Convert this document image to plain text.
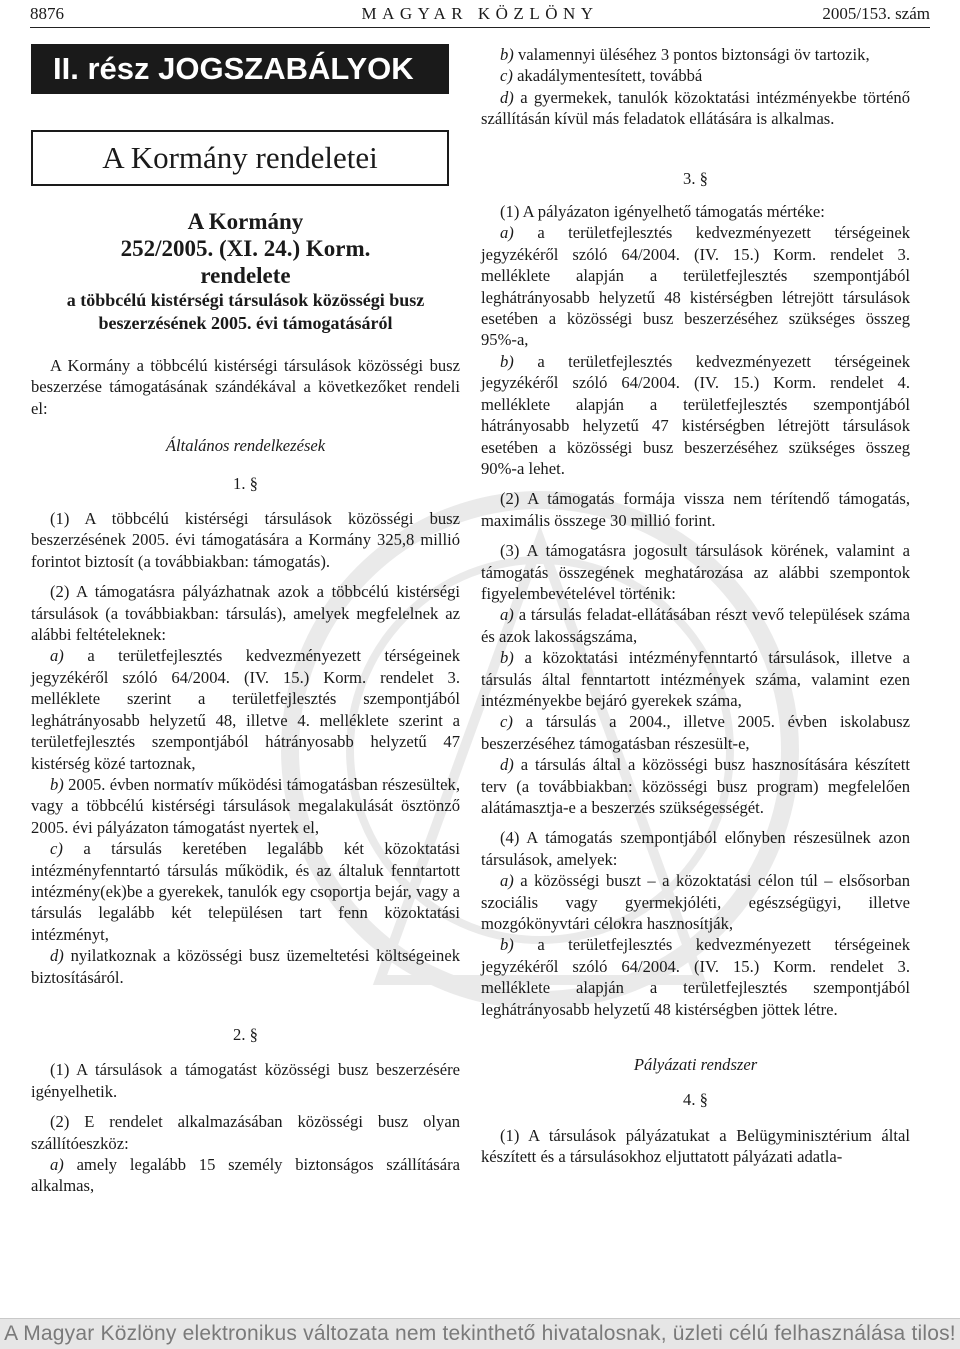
8876	MAGYAR KÖZLÖNY	2005/153. szám
II. rész JOGSZABÁLYOK
A Kormány rendeletei

A Kormány

252/2005. (XI. 24.) Korm.

rendelete

a többcélú kistérségi társulások közösségi busz

beszerzésének 2005. évi támogatásáról

A Kormány a többcélú kistérségi társulások közösségi busz beszerzése támogatásának szándékával a következőket rendeli el:

Általános rendelkezések

1. §

(1) A többcélú kistérségi társulások közösségi busz beszerzésének 2005. évi támogatására a Kormány 325,8 millió forintot biztosít (a továbbiakban: támogatás).

(2) A támogatásra pályázhatnak azok a többcélú kistérségi társulások (a továbbiakban: társulás), amelyek megfelelnek az alábbi feltételeknek:

a) a területfejlesztés kedvezményezett térségeinek jegyzékéről szóló 64/2004. (IV. 15.) Korm. rendelet 3. melléklete szerint a területfejlesztés szempontjából leghátrányosabb helyzetű 48, illetve 4. melléklete szerint a területfejlesztés szempontjából hátrányosabb helyzetű 47 kistérség közé tartoznak,

b) 2005. évben normatív működési támogatásban részesültek, vagy a többcélú kistérségi társulások megalakulását ösztönző 2005. évi pályázaton támogatást nyertek el,

c) a társulás keretében legalább két közoktatási intézményfenntartó társulás működik, és az általuk fenntartott intézmény(ek)be a gyerekek, tanulók egy csoportja bejár, vagy a társulás legalább két településen tart fenn közoktatási intézményt,

d) nyilatkoznak a közösségi busz üzemeltetési költségeinek biztosításáról.

2. §

(1) A társulások a támogatást közösségi busz beszerzésére igényelhetik.

(2) E rendelet alkalmazásában közösségi busz olyan szállítóeszköz:

a) amely legalább 15 személy biztonságos szállítására alkalmas,

b) valamennyi üléséhez 3 pontos biztonsági öv tartozik,

c) akadálymentesített, továbbá

d) a gyermekek, tanulók közoktatási intézményekbe történő szállításán kívül más feladatok ellátására is alkalmas.

3. §

(1) A pályázaton igényelhető támogatás mértéke:

a) a területfejlesztés kedvezményezett térségeinek jegyzékéről szóló 64/2004. (IV. 15.) Korm. rendelet 3. melléklete alapján a területfejlesztés szempontjából leghátrányosabb helyzetű 48 kistérségben létrejött társulások esetében a közösségi busz beszerzéséhez szükséges összeg 95%-a,

b) a területfejlesztés kedvezményezett térségeinek jegyzékéről szóló 64/2004. (IV. 15.) Korm. rendelet 4. melléklete alapján a területfejlesztés szempontjából hátrányosabb helyzetű 47 kistérségben létrejött társulások esetében a közösségi busz beszerzéséhez szükséges összeg 90%-a lehet.

(2) A támogatás formája vissza nem térítendő támogatás, maximális összege 30 millió forint.

(3) A támogatásra jogosult társulások körének, valamint a támogatás összegének meghatározása az alábbi szempontok figyelembevételével történik:

a) a társulás feladat-ellátásában részt vevő települések száma és azok lakosságszáma,

b) a közoktatási intézményfenntartó társulások, illetve a társulás által fenntartott intézmények száma, valamint ezen intézményekbe bejáró gyerekek száma,

c) a társulás a 2004., illetve 2005. évben iskolabusz beszerzéséhez támogatásban részesült-e,

d) a társulás által a közösségi busz hasznosítására készített terv (a továbbiakban: közösségi busz program) megfelelően alátámasztja-e a beszerzés szükségességét.

(4) A támogatás szempontjából előnyben részesülnek azon társulások, amelyek:

a) a közösségi buszt – a közoktatási célon túl – elsősorban szociális vagy gyermekjóléti, egészségügyi, illetve mozgókönyvtári célokra hasznosítják,

b) a területfejlesztés kedvezményezett térségeinek jegyzékéről szóló 64/2004. (IV. 15.) Korm. rendelet 3. melléklete alapján a területfejlesztés szempontjából leghátrányosabb helyzetű 48 kistérségben jöttek létre.

Pályázati rendszer

4. §

(1) A társulások pályázatukat a Belügyminisztérium által készített és a társulásokhoz eljuttatott pályázati adatla-

A Magyar Közlöny elektronikus változata nem tekinthető hivatalosnak, üzleti célú felhasználása tilos!
